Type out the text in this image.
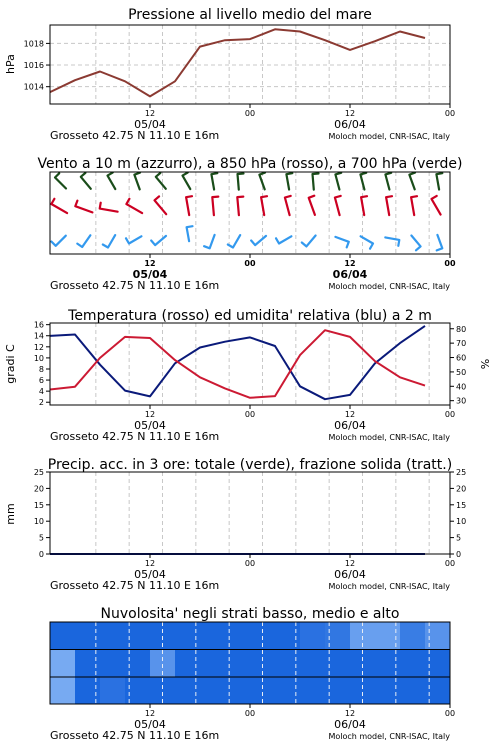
Pressione al livello medio del mare
hPa
1014
1016
1018
12	00	12	00
05/04	06/04
Grosseto 42.75 N 11.10 E 16m	Moloch model, CNR-ISAC, Italy
Vento a 10 m (azzurro), a 850 hPa (rosso), a 700 hPa (verde)
12	00	12	00
05/04	06/04
Grosseto 42.75 N 11.10 E 16m	Moloch model, CNR-ISAC, Italy
Temperatura (rosso) ed umidita' relativa (blu) a 2 m
gradi C	%
2
4
6
8
10
12
14
16
30
40
50
60
70
80
12	00	12	00
05/04	06/04
Grosseto 42.75 N 11.10 E 16m	Moloch model, CNR-ISAC, Italy
Precip. acc. in 3 ore: totale (verde), frazione solida (tratt.)
mm
0
5
10
15
20
25
0
5
10
15
20
25
12	00	12	00
05/04	06/04
Grosseto 42.75 N 11.10 E 16m	Moloch model, CNR-ISAC, Italy
Nuvolosita' negli strati basso, medio e alto
12	00	12	00
05/04	06/04
Grosseto 42.75 N 11.10 E 16m	Moloch model, CNR-ISAC, Italy
